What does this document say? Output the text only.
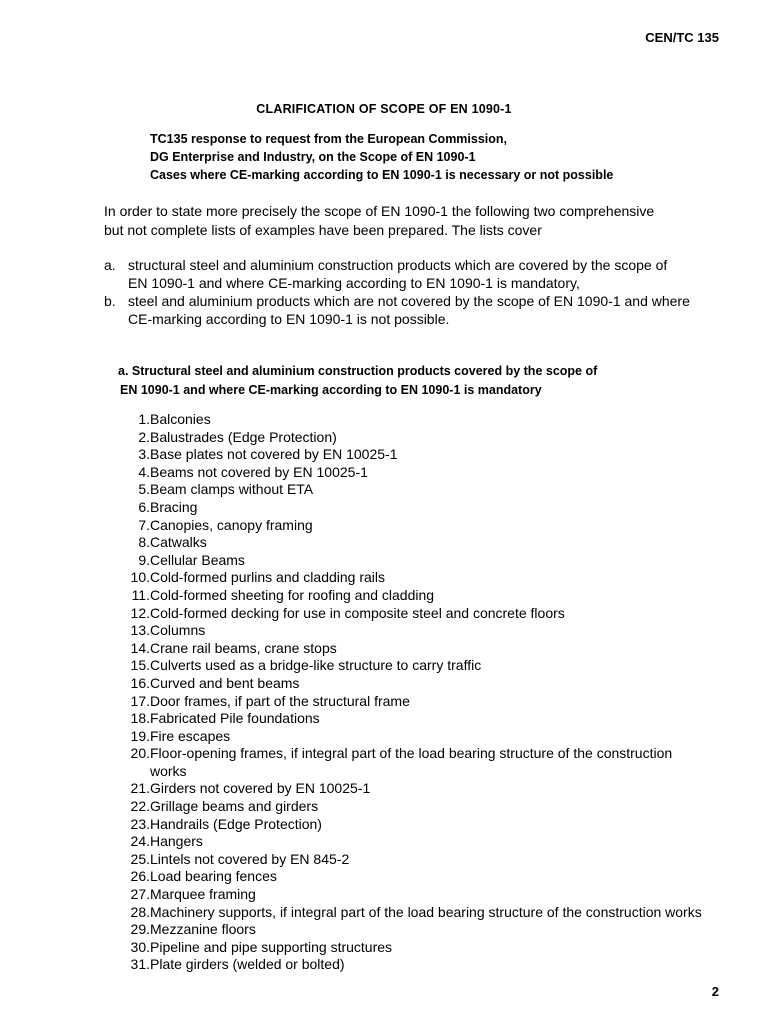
CEN/TC 135
CLARIFICATION OF SCOPE OF EN 1090-1
TC135 response to request from the European Commission,
DG Enterprise and Industry, on the Scope of EN 1090-1
Cases where CE-marking according to EN 1090-1 is necessary or not possible
In order to state more precisely the scope of EN 1090-1 the following two comprehensive
but not complete lists of examples have been prepared. The lists cover
a. structural steel and aluminium construction products which are covered by the scope of
EN 1090-1 and where CE-marking according to EN 1090-1 is mandatory,
b. steel and aluminium products which are not covered by the scope of EN 1090-1 and where
CE-marking according to EN 1090-1 is not possible.
a. Structural steel and aluminium construction products covered by the scope of
EN 1090-1 and where CE-marking according to EN 1090-1 is mandatory
1. Balconies
2. Balustrades (Edge Protection)
3. Base plates not covered by EN 10025-1
4. Beams not covered by EN 10025-1
5. Beam clamps without ETA
6. Bracing
7. Canopies, canopy framing
8. Catwalks
9. Cellular Beams
10. Cold-formed purlins and cladding rails
11. Cold-formed sheeting for roofing and cladding
12. Cold-formed decking for use in composite steel and concrete floors
13. Columns
14. Crane rail beams, crane stops
15. Culverts used as a bridge-like structure to carry traffic
16. Curved and bent beams
17. Door frames, if part of the structural frame
18. Fabricated Pile foundations
19. Fire escapes
20. Floor-opening frames, if integral part of the load bearing structure of the construction
works
21. Girders not covered by EN 10025-1
22. Grillage beams and girders
23. Handrails (Edge Protection)
24. Hangers
25. Lintels not covered by EN 845-2
26. Load bearing fences
27. Marquee framing
28. Machinery supports, if integral part of the load bearing structure of the construction works
29. Mezzanine floors
30. Pipeline and pipe supporting structures
31. Plate girders (welded or bolted)
2
